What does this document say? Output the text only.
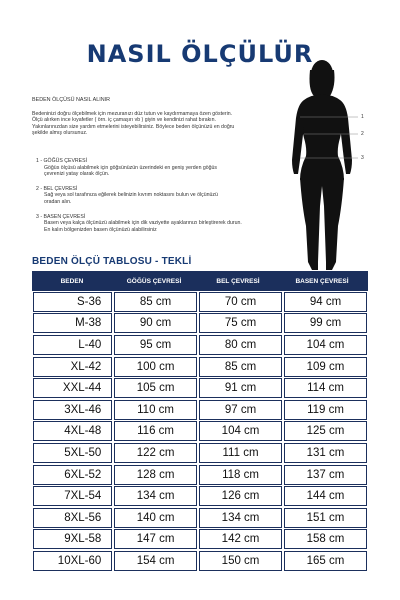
NASIL ÖLÇÜLÜR
BEDEN ÖLÇÜSÜ NASIL ALINIR

Bedeninizi doğru ölçebilmek için mezuranızı düz tutun ve kaydırmamaya özen gösterin.

Ölçü alırken ince kıyafetler ( örn. iç çamaşırı vb ) giyin ve kendinizi rahat bırakın.

Yakınlarınızdan size yardım etmelerini isteyebilirsiniz. Böylece beden ölçünüzü en doğru

şekilde almış olursunuz.

1 - GÖĞÜS ÇEVRESİ
Göğüs ölçüsü alabilmek için göğsünüzün üzerindeki en geniş yerden göğüs
çevrenizi yatay olarak ölçün.
2 - BEL ÇEVRESİ
Sağ veya sol tarafınıza eğilerek belinizin kıvrım noktasını bulun ve ölçünüzü
oradan alın.
3 - BASEN ÇEVRESİ
Basen veya kalça ölçünüzü alabilmek için dik vaziyette ayaklarınızı birleştirerek durun.
En kalın bölgenizden basen ölçünüzü alabilirsiniz
1
2
3
BEDEN ÖLÇÜ TABLOSU - TEKLİ
BEDEN	GÖĞÜS ÇEVRESİ	BEL ÇEVRESİ	BASEN ÇEVRESİ
S-36	85 cm	70 cm	94 cm
M-38	90 cm	75 cm	99 cm
L-40	95 cm	80 cm	104 cm
XL-42	100 cm	85 cm	109 cm
XXL-44	105 cm	91 cm	114 cm
3XL-46	110 cm	97 cm	119 cm
4XL-48	116 cm	104 cm	125 cm
5XL-50	122 cm	111 cm	131 cm
6XL-52	128 cm	118 cm	137 cm
7XL-54	134 cm	126 cm	144 cm
8XL-56	140 cm	134 cm	151 cm
9XL-58	147 cm	142 cm	158 cm
10XL-60	154 cm	150 cm	165 cm
